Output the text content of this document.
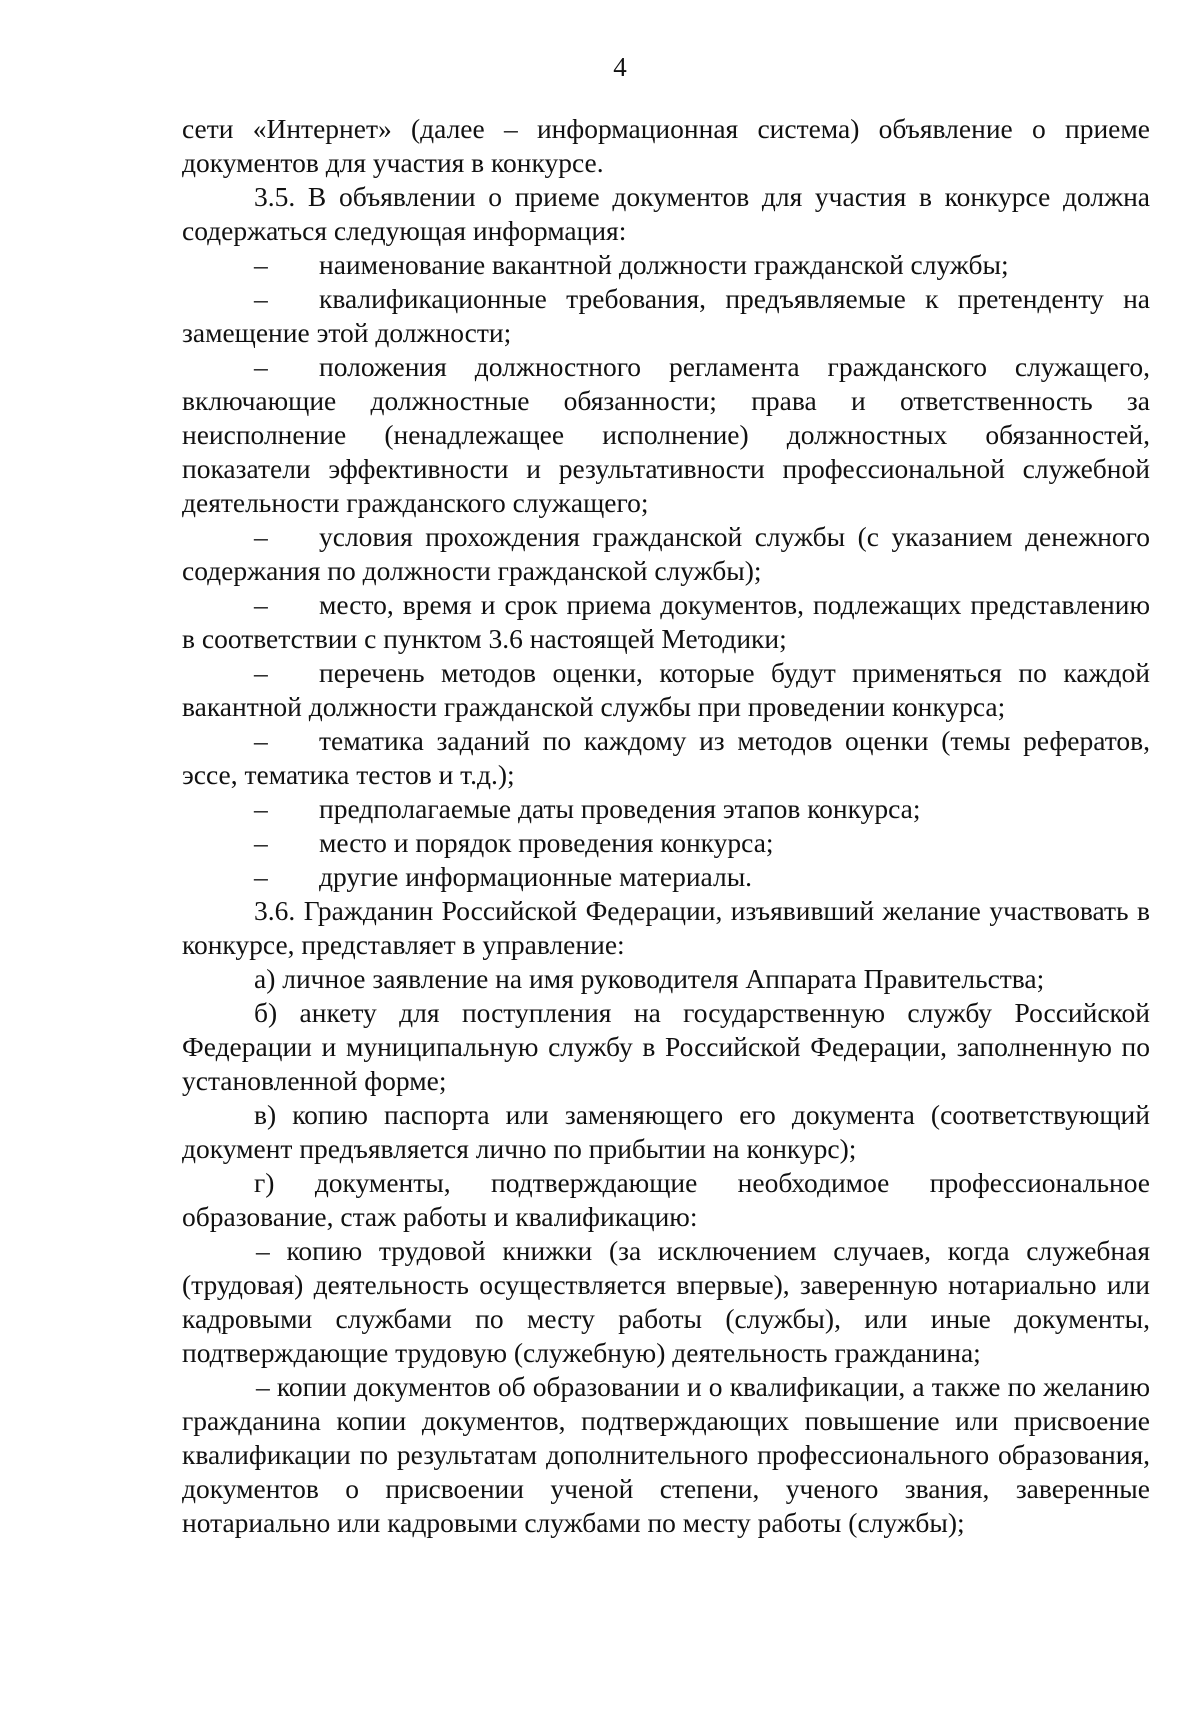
4

сети «Интернет» (далее – информационная система) объявление о приеме документов для участия в конкурсе.

3.5. В объявлении о приеме документов для участия в конкурсе должна содержаться следующая информация:

– наименование вакантной должности гражданской службы;

– квалификационные требования, предъявляемые к претенденту на замещение этой должности;

– положения должностного регламента гражданского служащего, включающие должностные обязанности; права и ответственность за неисполнение (ненадлежащее исполнение) должностных обязанностей, показатели эффективности и результативности профессиональной служебной деятельности гражданского служащего;

– условия прохождения гражданской службы (с указанием денежного содержания по должности гражданской службы);

– место, время и срок приема документов, подлежащих представлению в соответствии с пунктом 3.6 настоящей Методики;

– перечень методов оценки, которые будут применяться по каждой вакантной должности гражданской службы при проведении конкурса;

– тематика заданий по каждому из методов оценки (темы рефератов, эссе, тематика тестов и т.д.);

– предполагаемые даты проведения этапов конкурса;

– место и порядок проведения конкурса;

– другие информационные материалы.

3.6. Гражданин Российской Федерации, изъявивший желание участвовать в конкурсе, представляет в управление:

а) личное заявление на имя руководителя Аппарата Правительства;

б) анкету для поступления на государственную службу Российской Федерации и муниципальную службу в Российской Федерации, заполненную по установленной форме;

в) копию паспорта или заменяющего его документа (соответствующий документ предъявляется лично по прибытии на конкурс);

г) документы, подтверждающие необходимое профессиональное образование, стаж работы и квалификацию:

– копию трудовой книжки (за исключением случаев, когда служебная (трудовая) деятельность осуществляется впервые), заверенную нотариально или кадровыми службами по месту работы (службы), или иные документы, подтверждающие трудовую (служебную) деятельность гражданина;

– копии документов об образовании и о квалификации, а также по желанию гражданина копии документов, подтверждающих повышение или присвоение квалификации по результатам дополнительного профессионального образования, документов о присвоении ученой степени, ученого звания, заверенные нотариально или кадровыми службами по месту работы (службы);
